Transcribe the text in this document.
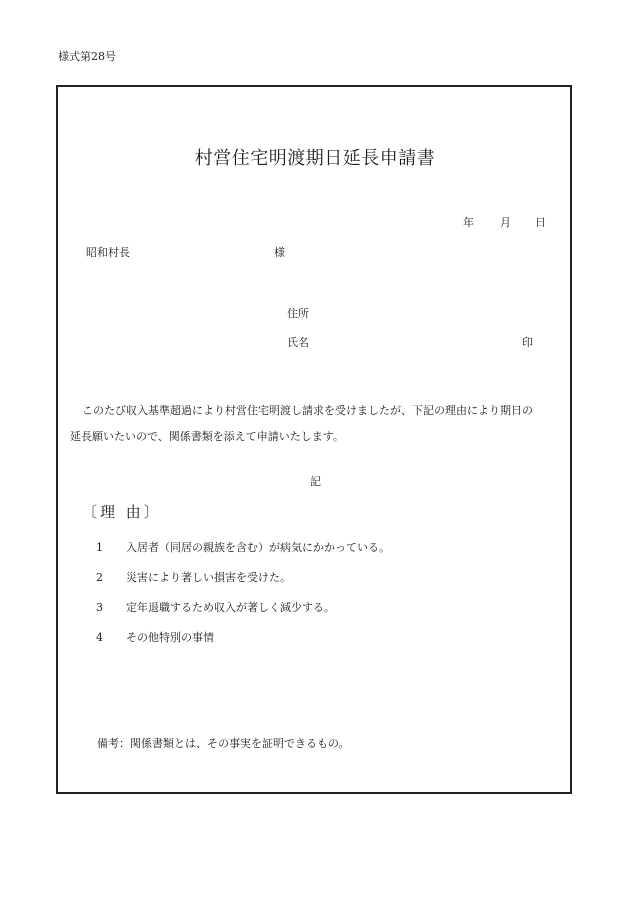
様式第28号
村営住宅明渡期日延長申請書
年 月 日
昭和村長	様
住所
氏名	印
このたび収入基準超過により村営住宅明渡し請求を受けましたが、下記の理由により期日の
延長願いたいので、関係書類を添えて申請いたします。
記
〔理 由〕
1 入居者（同居の親族を含む）が病気にかかっている。
2 災害により著しい損害を受けた。
3 定年退職するため収入が著しく減少する。
4 その他特別の事情
備考：関係書類とは、その事実を証明できるもの。
